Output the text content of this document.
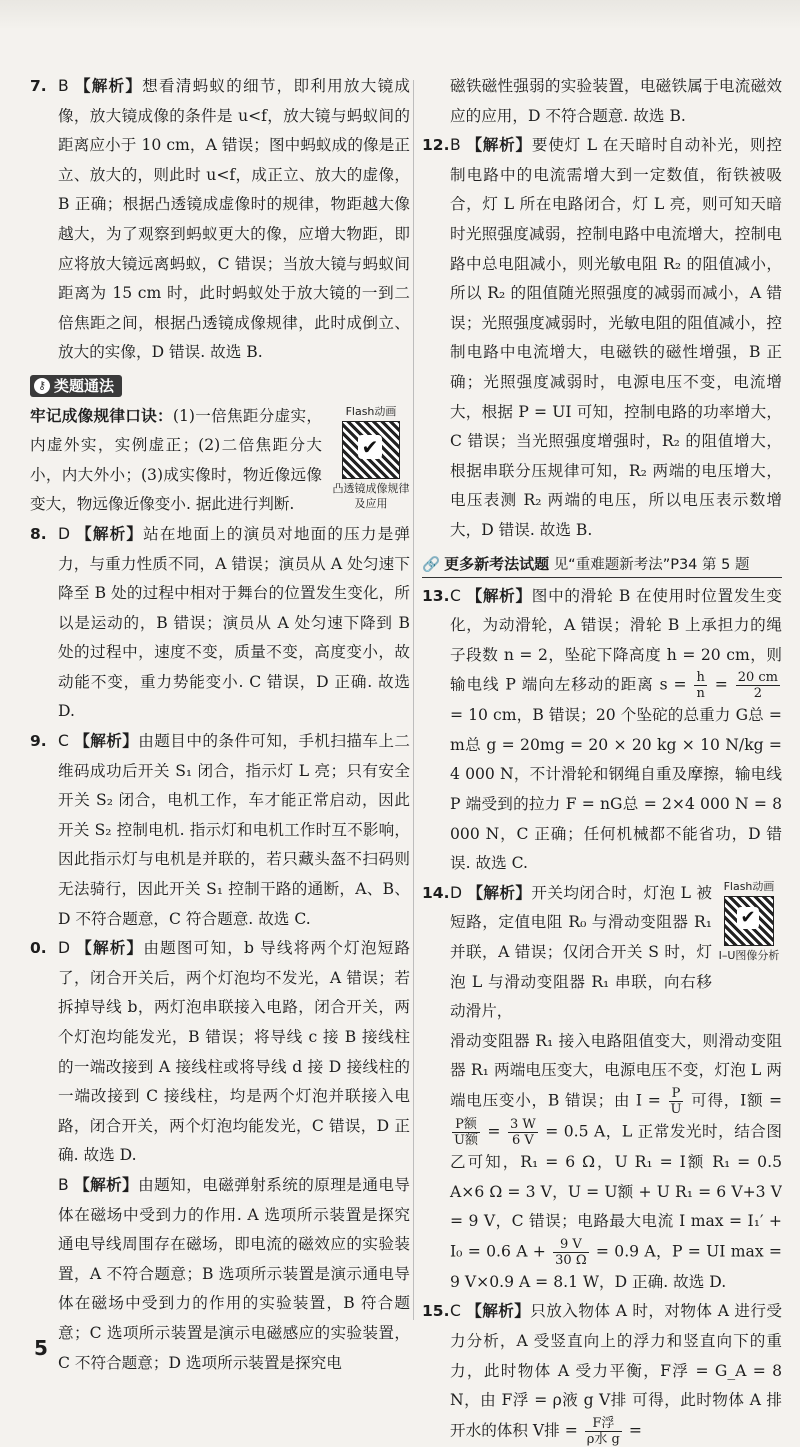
7. B 【解析】想看清蚂蚁的细节，即利用放大镜成像，放大镜成像的条件是 u<f，放大镜与蚂蚁间的距离应小于 10 cm，A 错误；图中蚂蚁成的像是正立、放大的，则此时 u<f，成正立、放大的虚像，B 正确；根据凸透镜成虚像时的规律，物距越大像越大，为了观察到蚂蚁更大的像，应增大物距，即应将放大镜远离蚂蚁，C 错误；当放大镜与蚂蚁间距离为 15 cm 时，此时蚂蚁处于放大镜的一到二倍焦距之间，根据凸透镜成像规律，此时成倒立、放大的实像，D 错误. 故选 B.
⚷ 类题通法
Flash动画
✔
凸透镜成像规律及应用
牢记成像规律口诀：(1)一倍焦距分虚实，内虚外实，实例虚正；(2)二倍焦距分大小，内大外小；(3)成实像时，物近像远像变大，物远像近像变小. 据此进行判断.
8. D 【解析】站在地面上的演员对地面的压力是弹力，与重力性质不同，A 错误；演员从 A 处匀速下降至 B 处的过程中相对于舞台的位置发生变化，所以是运动的，B 错误；演员从 A 处匀速下降到 B 处的过程中，速度不变，质量不变，高度变小，故动能不变，重力势能变小. C 错误，D 正确. 故选 D.
9. C 【解析】由题目中的条件可知，手机扫描车上二维码成功后开关 S₁ 闭合，指示灯 L 亮；只有安全开关 S₂ 闭合，电机工作，车才能正常启动，因此开关 S₂ 控制电机. 指示灯和电机工作时互不影响，因此指示灯与电机是并联的，若只藏头盔不扫码则无法骑行，因此开关 S₁ 控制干路的通断，A、B、D 不符合题意，C 符合题意. 故选 C.
0. D 【解析】由题图可知，b 导线将两个灯泡短路了，闭合开关后，两个灯泡均不发光，A 错误；若拆掉导线 b，两灯泡串联接入电路，闭合开关，两个灯泡均能发光，B 错误；将导线 c 接 B 接线柱的一端改接到 A 接线柱或将导线 d 接 D 接线柱的一端改接到 C 接线柱，均是两个灯泡并联接入电路，闭合开关，两个灯泡均能发光，C 错误，D 正确. 故选 D.
B 【解析】由题知，电磁弹射系统的原理是通电导体在磁场中受到力的作用. A 选项所示装置是探究通电导线周围存在磁场，即电流的磁效应的实验装置，A 不符合题意；B 选项所示装置是演示通电导体在磁场中受到力的作用的实验装置，B 符合题意；C 选项所示装置是演示电磁感应的实验装置，C 不符合题意；D 选项所示装置是探究电
磁铁磁性强弱的实验装置，电磁铁属于电流磁效应的应用，D 不符合题意. 故选 B.
12. B 【解析】要使灯 L 在天暗时自动补光，则控制电路中的电流需增大到一定数值，衔铁被吸合，灯 L 所在电路闭合，灯 L 亮，则可知天暗时光照强度减弱，控制电路中电流增大，控制电路中总电阻减小，则光敏电阻 R₂ 的阻值减小，所以 R₂ 的阻值随光照强度的减弱而减小，A 错误；光照强度减弱时，光敏电阻的阻值减小，控制电路中电流增大，电磁铁的磁性增强，B 正确；光照强度减弱时，电源电压不变，电流增大，根据 P = UI 可知，控制电路的功率增大，C 错误；当光照强度增强时，R₂ 的阻值增大，根据串联分压规律可知，R₂ 两端的电压增大，电压表测 R₂ 两端的电压，所以电压表示数增大，D 错误. 故选 B.
🔗 更多新考法试题 见“重难题新考法”P34 第 5 题
13. C 【解析】图中的滑轮 B 在使用时位置发生变化，为动滑轮，A 错误；滑轮 B 上承担力的绳子段数 n = 2，坠砣下降高度 h = 20 cm，则输电线 P 端向左移动的距离 $s = \frac{h}{n} = \frac{20 cm}{2}$
= 10 cm，B 错误；20 个坠砣的总重力 G总 = m总 g = 20mg = 20 × 20 kg × 10 N/kg = 4 000 N，不计滑轮和钢绳自重及摩擦，输电线 P 端受到的拉力 F = nG总 = 2×4 000 N = 8 000 N，C 正确；任何机械都不能省功，D 错误. 故选 C.
14.	Flash动画
✔
I–U图像分析
D 【解析】开关均闭合时，灯泡 L 被短路，定值电阻 R₀ 与滑动变阻器 R₁ 并联，A 错误；仅闭合开关 S 时，灯泡 L 与滑动变阻器 R₁ 串联，向右移动滑片，
滑动变阻器 R₁ 接入电路阻值变大，则滑动变阻器 R₁ 两端电压变大，电源电压不变，灯泡 L 两端电压变小，B 错误；由 $I = \frac{P}{U}$ 可得，I额 =
$\frac{\text{P额}}{\text{U额}} = \frac{3 W}{6 V} = 0.5$ A，L 正常发光时，结合图乙可知，R₁ = 6 Ω，U R₁ = I额 R₁ = 0.5 A×6 Ω = 3 V，U = U额 + U R₁ = 6 V+3 V = 9 V，C 错误；电路最大电流 I max = I₁′ + I₀ = 0.6 $A + \frac{9 V}{30 \Omega} = 0.9$ A，P = UI max = 9 V×0.9 A = 8.1 W，D 正确. 故选 D.
15. C 【解析】只放入物体 A 时，对物体 A 进行受力分析，A 受竖直向上的浮力和竖直向下的重力，此时物体 A 受力平衡，F浮 = G_A = 8 N，由 F浮 = ρ液 g V排 可得，此时物体 A 排开水的体积 V排 = $\frac{\text{F浮}}{\text{ρ水 g}}$ =
5
